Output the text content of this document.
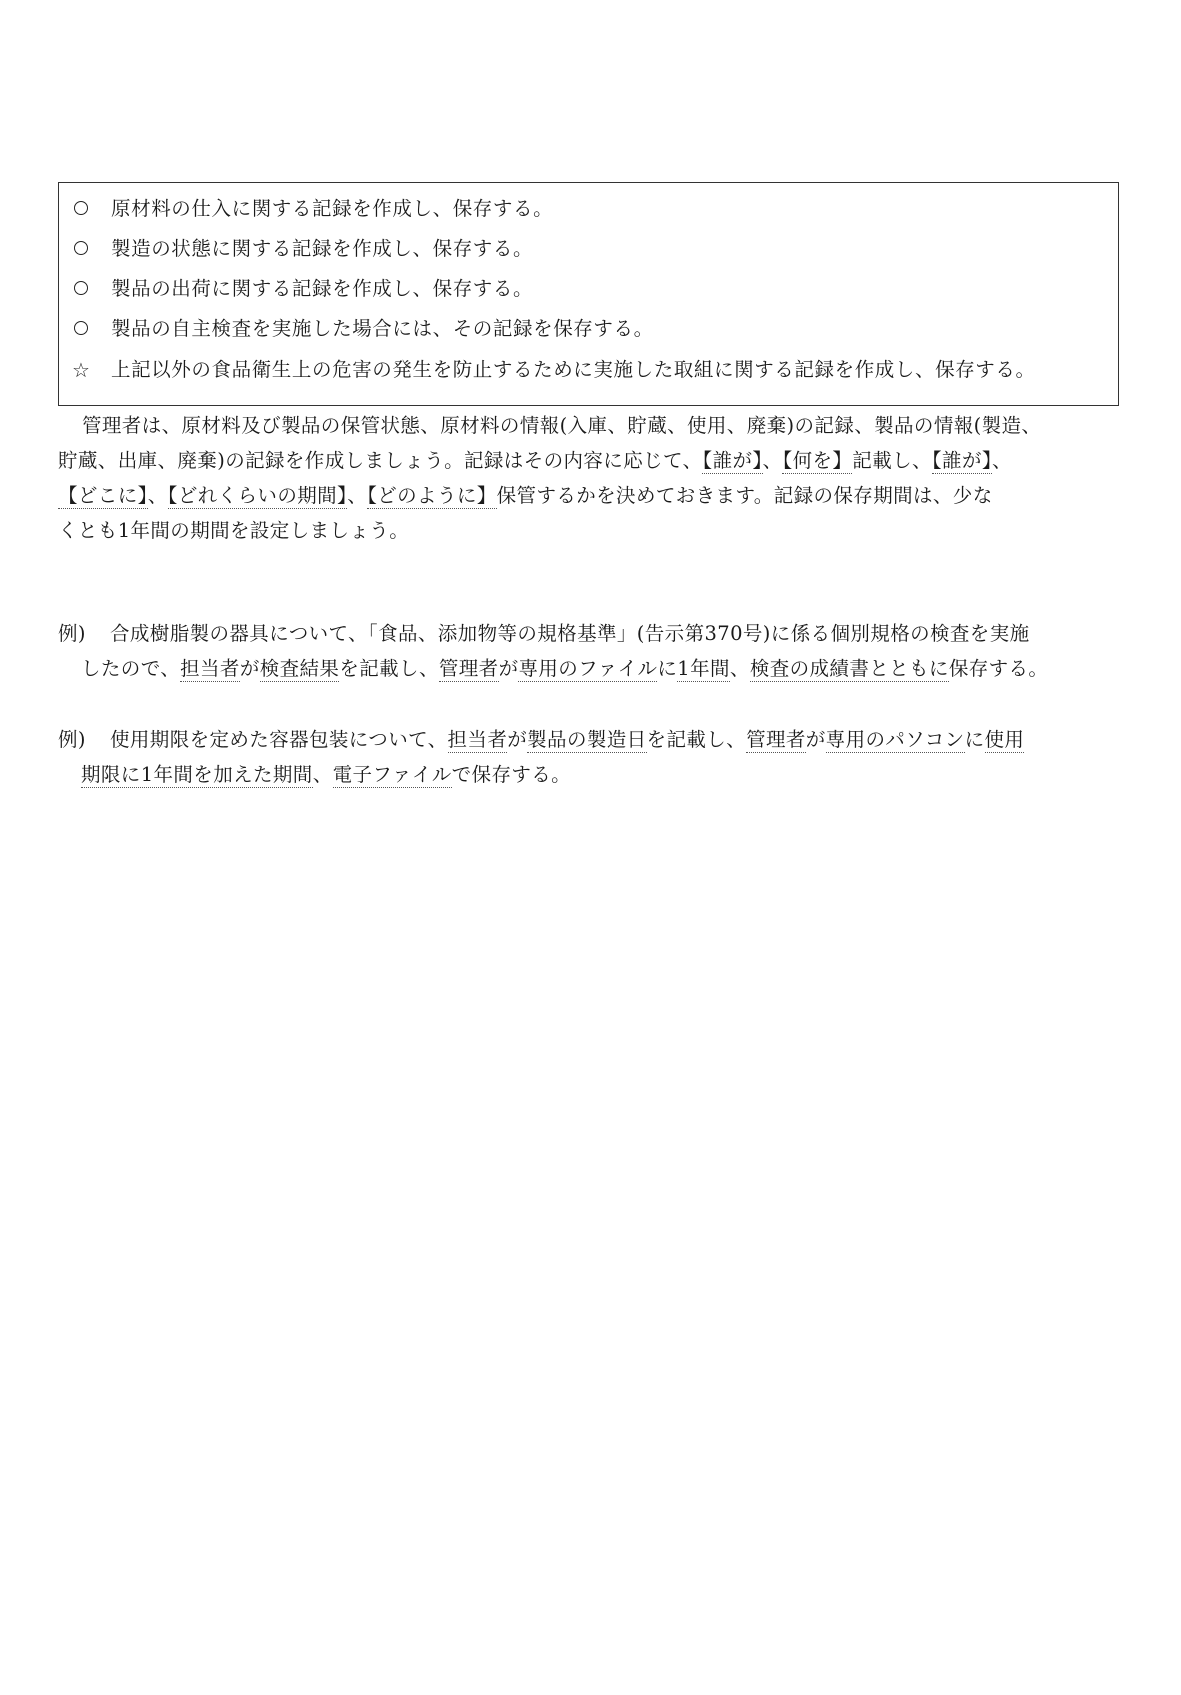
原材料の仕入に関する記録を作成し、保存する。
製造の状態に関する記録を作成し、保存する。
製品の出荷に関する記録を作成し、保存する。
製品の自主検査を実施した場合には、その記録を保存する。
☆	上記以外の食品衛生上の危害の発生を防止するために実施した取組に関する記録を作成し、保存する。
管理者は、原材料及び製品の保管状態、原材料の情報(入庫、貯蔵、使用、廃棄)の記録、製品の情報(製造、
貯蔵、出庫、廃棄)の記録を作成しましょう。記録はその内容に応じて、【誰が】、【何を】記載し、【誰が】、
【どこに】、【どれくらいの期間】、【どのように】保管するかを決めておきます。記録の保存期間は、少な
くとも1年間の期間を設定しましょう。
例) 合成樹脂製の器具について、「食品、添加物等の規格基準」(告示第370号)に係る個別規格の検査を実施
したので、担当者が検査結果を記載し、管理者が専用のファイルに1年間、検査の成績書とともに保存する。
例) 使用期限を定めた容器包装について、担当者が製品の製造日を記載し、管理者が専用のパソコンに使用
期限に1年間を加えた期間、電子ファイルで保存する。
